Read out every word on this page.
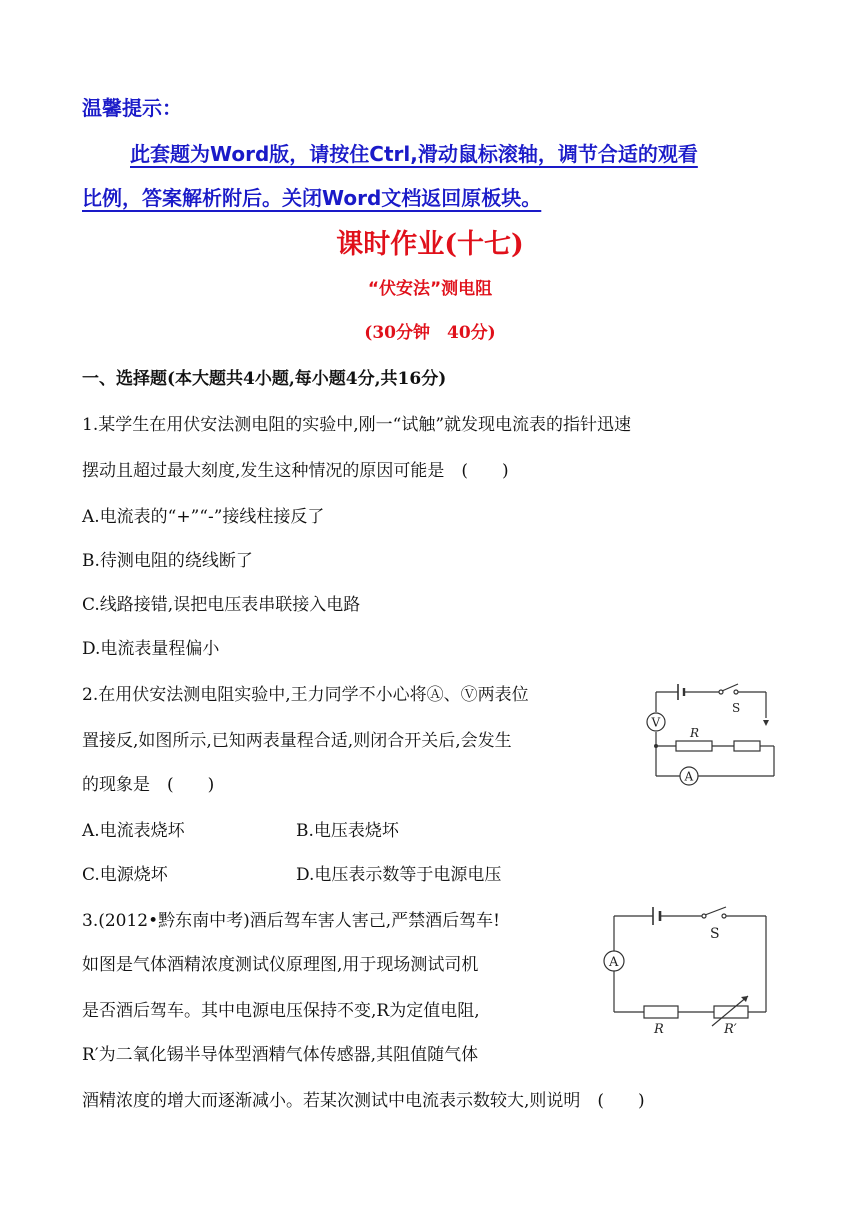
温馨提示：
此套题为Word版，请按住Ctrl,滑动鼠标滚轴，调节合适的观看
比例，答案解析附后。关闭Word文档返回原板块。
课时作业(十七)
“伏安法”测电阻
(30分钟　40分)
一、选择题(本大题共4小题,每小题4分,共16分)
1.某学生在用伏安法测电阻的实验中,刚一“试触”就发现电流表的指针迅速
摆动且超过最大刻度,发生这种情况的原因可能是　(　　)
A.电流表的“+”“-”接线柱接反了
B.待测电阻的绕线断了
C.线路接错,误把电压表串联接入电路
D.电流表量程偏小
2.在用伏安法测电阻实验中,王力同学不小心将Ⓐ、Ⓥ两表位
置接反,如图所示,已知两表量程合适,则闭合开关后,会发生
的现象是　(　　)
A.电流表烧坏	B.电压表烧坏
C.电源烧坏	D.电压表示数等于电源电压
S
R
V
A
3.(2012•黔东南中考)酒后驾车害人害己,严禁酒后驾车!
如图是气体酒精浓度测试仪原理图,用于现场测试司机
是否酒后驾车。其中电源电压保持不变,R为定值电阻,
R′为二氧化锡半导体型酒精气体传感器,其阻值随气体
酒精浓度的增大而逐渐减小。若某次测试中电流表示数较大,则说明　(　　)
S
A
R	R′
